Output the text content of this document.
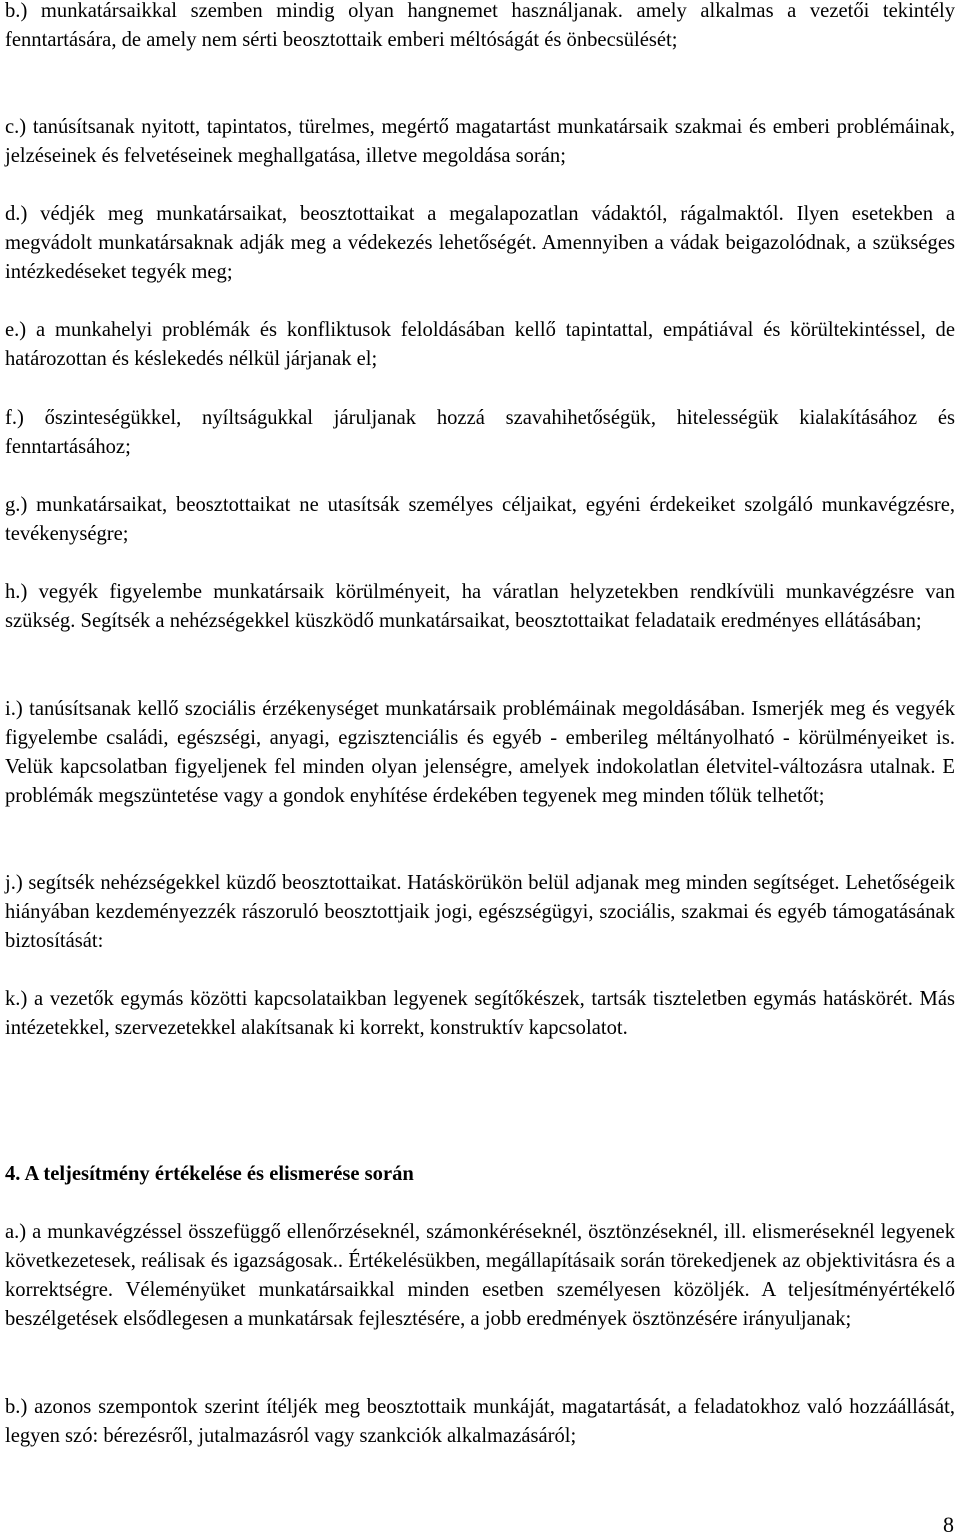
b.) munkatársaikkal szemben mindig olyan hangnemet használjanak. amely alkalmas a vezetői tekintély fenntartására, de amely nem sérti beosztottaik emberi méltóságát és önbecsülését;

c.) tanúsítsanak nyitott, tapintatos, türelmes, megértő magatartást munkatársaik szakmai és emberi problémáinak, jelzéseinek és felvetéseinek meghallgatása, illetve megoldása során;

d.) védjék meg munkatársaikat, beosztottaikat a megalapozatlan vádaktól, rágalmaktól. Ilyen esetekben a megvádolt munkatársaknak adják meg a védekezés lehetőségét. Amennyiben a vádak beigazolódnak, a szükséges intézkedéseket tegyék meg;

e.) a munkahelyi problémák és konfliktusok feloldásában kellő tapintattal, empátiával és körültekintéssel, de határozottan és késlekedés nélkül járjanak el;

f.) őszinteségükkel, nyíltságukkal járuljanak hozzá szavahihetőségük, hitelességük kialakításához és fenntartásához;

g.) munkatársaikat, beosztottaikat ne utasítsák személyes céljaikat, egyéni érdekeiket szolgáló munkavégzésre, tevékenységre;

h.) vegyék figyelembe munkatársaik körülményeit, ha váratlan helyzetekben rendkívüli munkavégzésre van szükség. Segítsék a nehézségekkel küszködő munkatársaikat, beosztottaikat feladataik eredményes ellátásában;

i.) tanúsítsanak kellő szociális érzékenységet munkatársaik problémáinak megoldásában. Ismerjék meg és vegyék figyelembe családi, egészségi, anyagi, egzisztenciális és egyéb - emberileg méltányolható - körülményeiket is. Velük kapcsolatban figyeljenek fel minden olyan jelenségre, amelyek indokolatlan életvitel-változásra utalnak. E problémák megszüntetése vagy a gondok enyhítése érdekében tegyenek meg minden tőlük telhetőt;

j.) segítsék nehézségekkel küzdő beosztottaikat. Hatáskörükön belül adjanak meg minden segítséget. Lehetőségeik hiányában kezdeményezzék rászoruló beosztottjaik jogi, egészségügyi, szociális, szakmai és egyéb támogatásának biztosítását:

k.) a vezetők egymás közötti kapcsolataikban legyenek segítőkészek, tartsák tiszteletben egymás hatáskörét. Más intézetekkel, szervezetekkel alakítsanak ki korrekt, konstruktív kapcsolatot.

4. A teljesítmény értékelése és elismerése során

a.) a munkavégzéssel összefüggő ellenőrzéseknél, számonkéréseknél, ösztönzéseknél, ill. elismeréseknél legyenek következetesek, reálisak és igazságosak.. Értékelésükben, megállapításaik során törekedjenek az objektivitásra és a korrektségre. Véleményüket munkatársaikkal minden esetben személyesen közöljék. A teljesítményértékelő beszélgetések elsődlegesen a munkatársak fejlesztésére, a jobb eredmények ösztönzésére irányuljanak;

b.) azonos szempontok szerint ítéljék meg beosztottaik munkáját, magatartását, a feladatokhoz való hozzáállását, legyen szó: bérezésről, jutalmazásról vagy szankciók alkalmazásáról;

8
